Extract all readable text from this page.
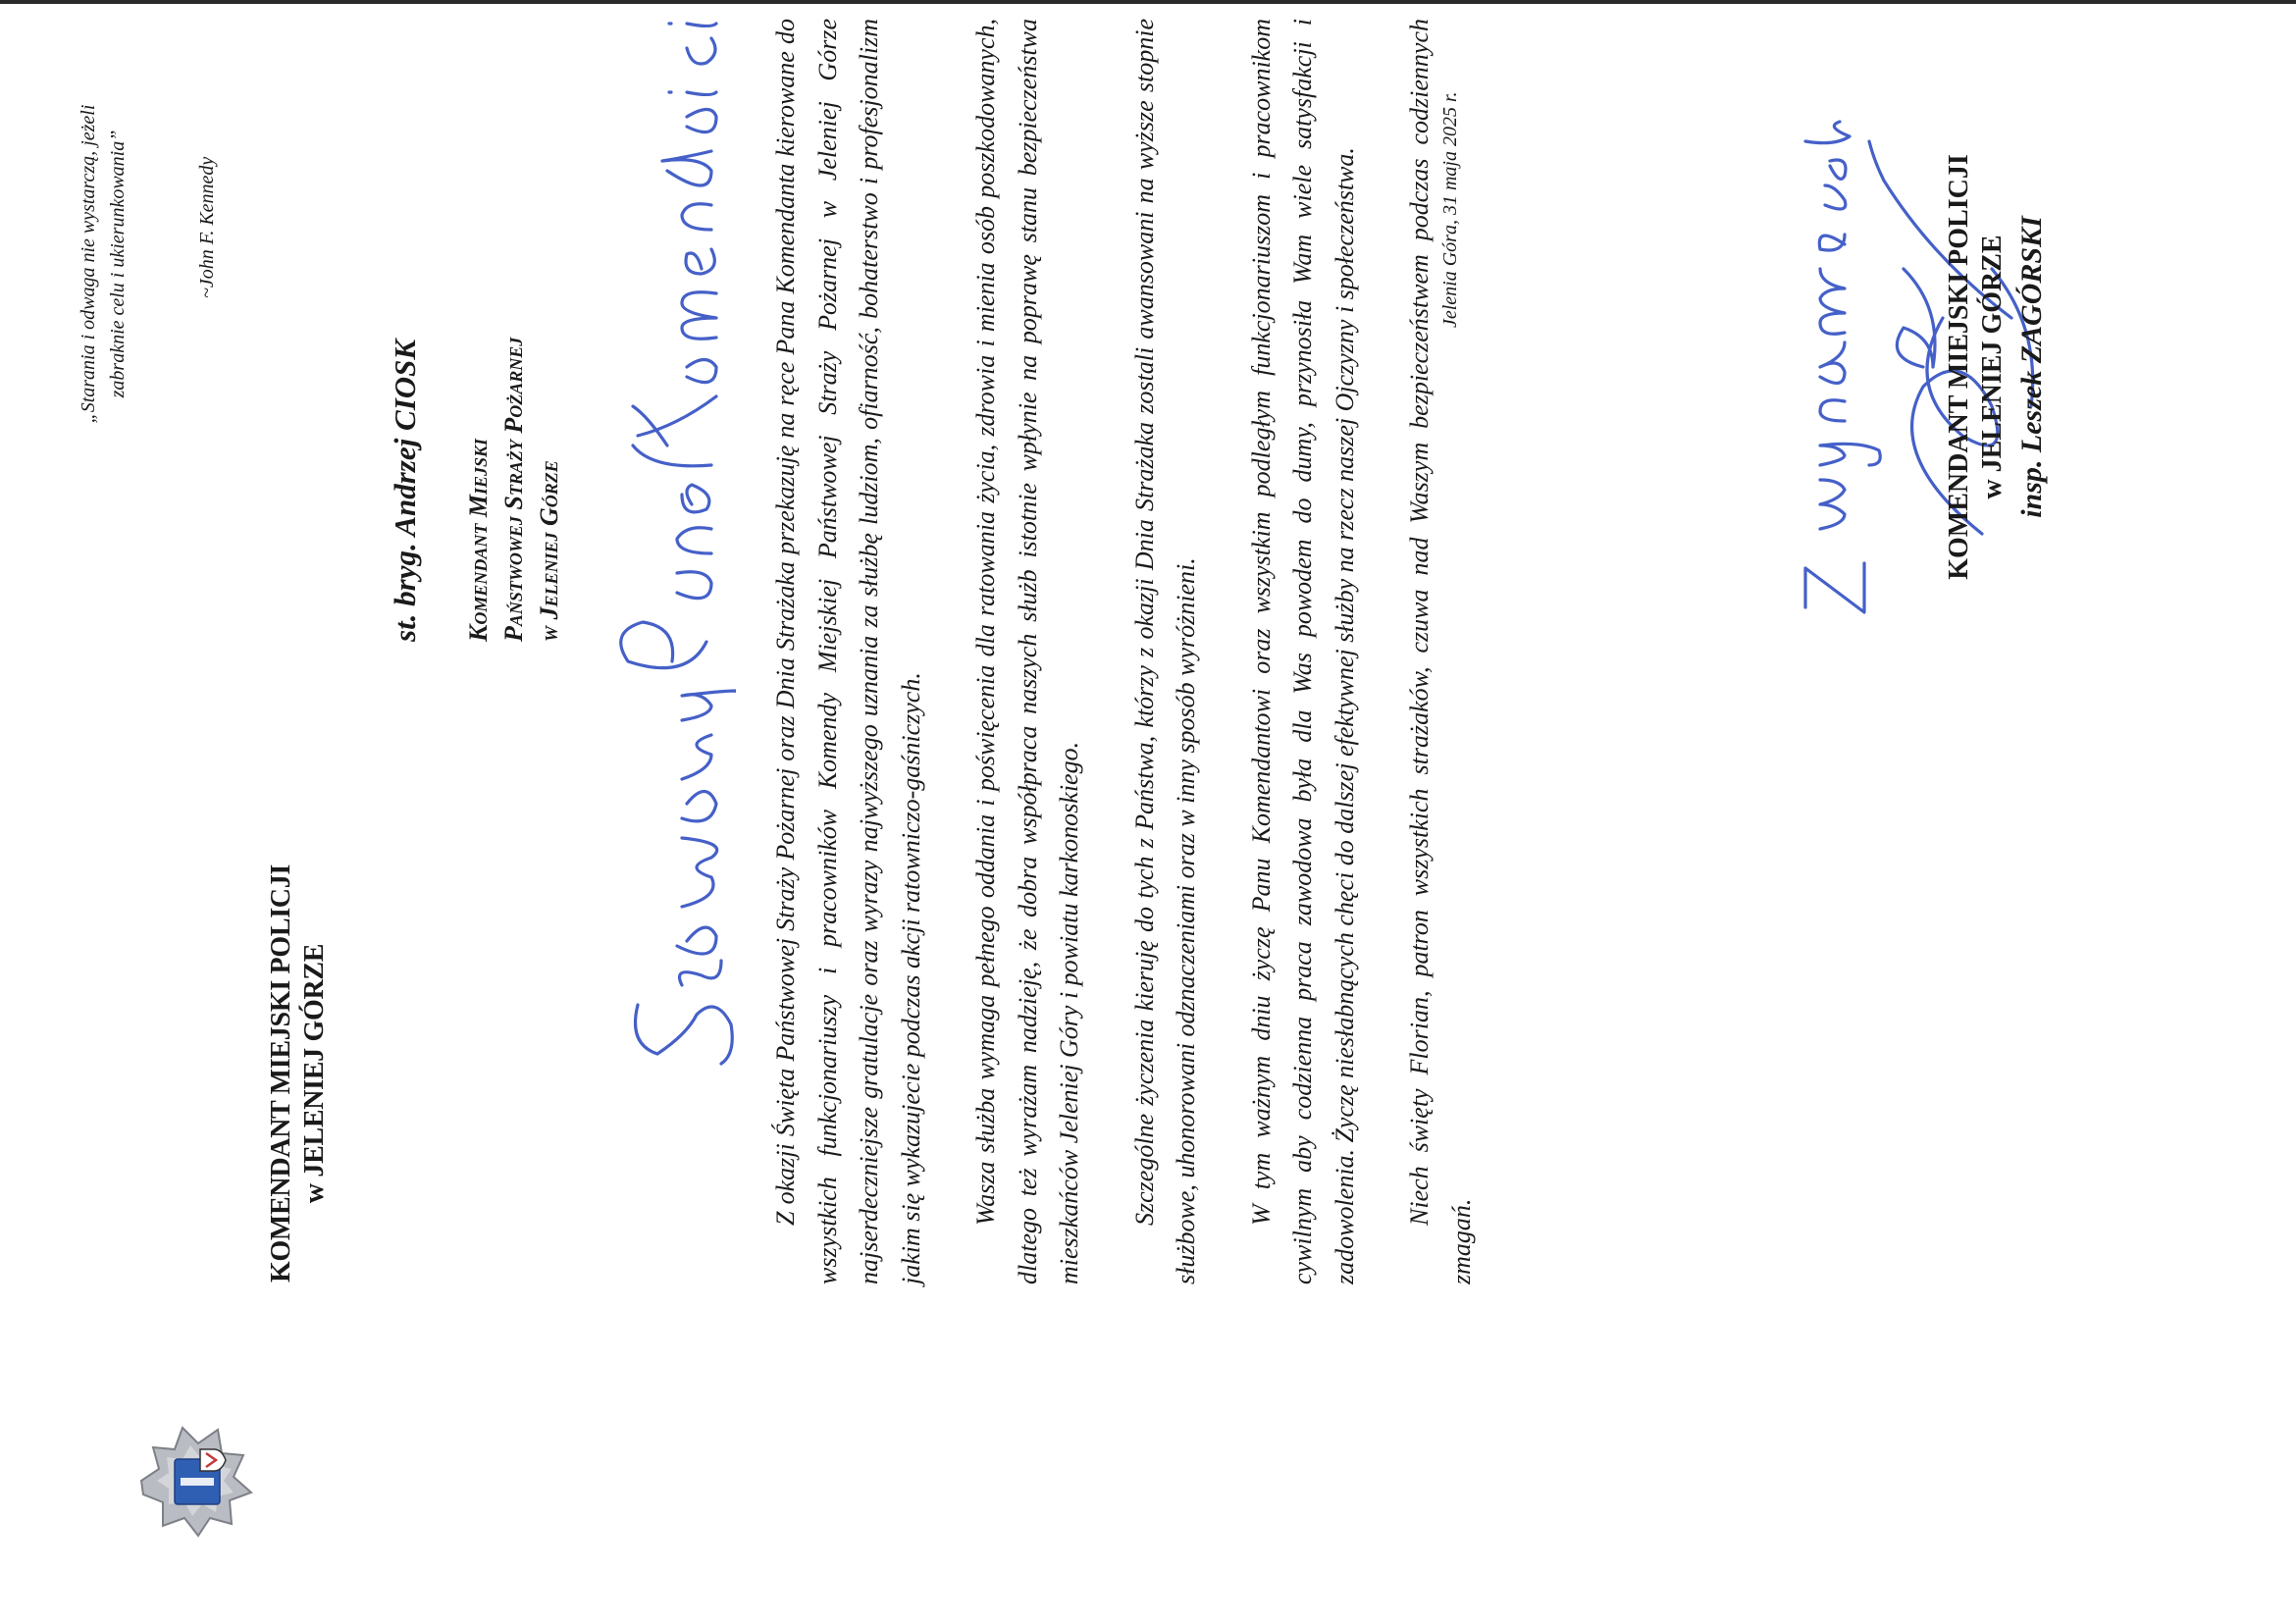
KOMENDANT MIEJSKI POLICJI w JELENIEJ GÓRZE
„Starania i odwaga nie wystarczą, jeżeli zabraknie celu i ukierunkowania”	~John F. Kennedy
st. bryg. Andrzej CIOSK Komendant Miejski Państwowej Straży Pożarnej w Jeleniej Górze	Z okazji Święta Państwowej Straży Pożarnej oraz Dnia Strażaka przekazuję na ręce Pana Komendanta kierowane do wszystkich funkcjonariuszy i pracowników Komendy Miejskiej Państwowej Straży Pożarnej w Jeleniej Górze najserdeczniejsze gratulacje oraz wyrazy najwyższego uznania za służbę ludziom, ofiarność, bohaterstwo i profesjonalizm jakim się wykazujecie podczas akcji ratowniczo-gaśniczych. Wasza służba wymaga pełnego oddania i poświęcenia dla ratowania życia, zdrowia i mienia osób poszkodowanych, dlatego też wyrażam nadzieję, że dobra współpraca naszych służb istotnie wpłynie na poprawę stanu bezpieczeństwa mieszkańców Jeleniej Góry i powiatu karkonoskiego. Szczególne życzenia kieruję do tych z Państwa, którzy z okazji Dnia Strażaka zostali awansowani na wyższe stopnie służbowe, uhonorowani odznaczeniami oraz w inny sposób wyróżnieni. W tym ważnym dniu życzę Panu Komendantowi oraz wszystkim podległym funkcjonariuszom i pracownikom cywilnym aby codzienna praca zawodowa była dla Was powodem do dumy, przynosiła Wam wiele satysfakcji i zadowolenia. Życzę niesłabnących chęci do dalszej efektywnej służby na rzecz naszej Ojczyzny i społeczeństwa. Niech święty Florian, patron wszystkich strażaków, czuwa nad Waszym bezpieczeństwem podczas codziennych zmagań.

Jelenia Góra, 31 maja 2025 r.	KOMENDANT MIEJSKI POLICJI w JELENIEJ GÓRZE insp. Leszek ZAGÓRSKI
